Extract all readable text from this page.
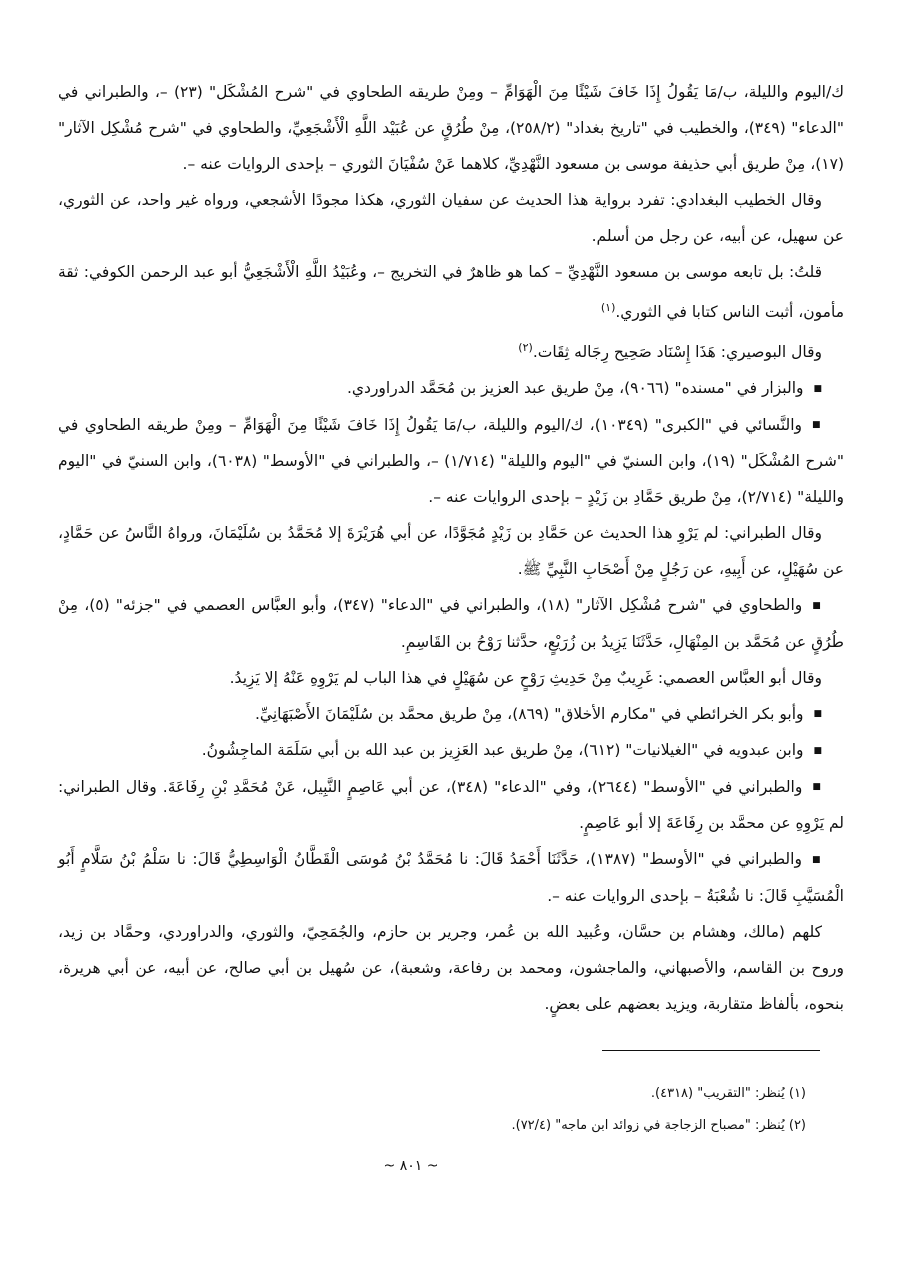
ك/اليوم والليلة، ب/مَا يَقُولُ إِذَا خَافَ شَيْئًا مِنَ الْهَوَامِّ – ومِنْ طريقه الطحاوي في "شرح المُشْكَل" (٢٣) –، والطبراني في "الدعاء" (٣٤٩)، والخطيب في "تاريخ بغداد" (٢٥٨/٢)، مِنْ طُرُقٍ عن عُبَيْد اللَّهِ الْأَشْجَعِيِّ، والطحاوي في "شرح مُشْكِل الآثار" (١٧)، مِنْ طريق أبي حذيفة موسى بن مسعود النَّهْدِيِّ، كلاهما عَنْ سُفْيَانَ الثوري – بإحدى الروايات عنه –.

وقال الخطيب البغدادي: تفرد برواية هذا الحديث عن سفيان الثوري، هكذا مجودًا الأشجعي، ورواه غير واحد، عن الثوري، عن سهيل، عن أبيه، عن رجل من أسلم.

قلتُ: بل تابعه موسى بن مسعود النَّهْدِيِّ – كما هو ظاهرٌ في التخريج –، وعُبَيْدُ اللَّهِ الْأَشْجَعِيُّ أبو عبد الرحمن الكوفي: ثقة مأمون، أثبت الناس كتابا في الثوري.$^{(١)}$

وقال البوصيري: هَذَا إِسْنَاد صَحِيح رِجَاله ثِقَات.$^{(٢)}$

■ والبزار في "مسنده" (٩٠٦٦)، مِنْ طريق عبد العزيز بن مُحَمَّد الدراوردي.

■ والنَّسائي في "الكبرى" (١٠٣٤٩)، ك/اليوم والليلة، ب/مَا يَقُولُ إِذَا خَافَ شَيْئًا مِنَ الْهَوَامِّ – ومِنْ طريقه الطحاوي في "شرح المُشْكَل" (١٩)، وابن السنيّ في "اليوم والليلة" (١/٧١٤) –، والطبراني في "الأوسط" (٦٠٣٨)، وابن السنيّ في "اليوم والليلة" (٢/٧١٤)، مِنْ طريق حَمَّادِ بن زَيْدٍ – بإحدى الروايات عنه –.

وقال الطبراني: لم يَرْوِ هذا الحديث عن حَمَّادِ بن زَيْدٍ مُجَوَّدًا، عن أبي هُرَيْرَةَ إلا مُحَمَّدُ بن سُلَيْمَانَ، ورواهُ النَّاسُ عن حَمَّادٍ، عن سُهَيْلٍ، عن أَبِيهِ، عن رَجُلٍ مِنْ أَصْحَابِ النَّبِيِّ ﷺ.

■ والطحاوي في "شرح مُشْكِل الآثار" (١٨)، والطبراني في "الدعاء" (٣٤٧)، وأبو العبَّاس العصمي في "جزئه" (٥)، مِنْ طُرُقٍ عن مُحَمَّد بن المِنْهَالِ، حَدَّثَنَا يَزِيدُ بن زُرَيْعٍ، حدَّثنا رَوْحُ بن القَاسِمِ.

وقال أبو العبَّاس العصمي: غَرِيبٌ مِنْ حَدِيثِ رَوْحٍ عن سُهَيْلٍ في هذا الباب لم يَرْوِهِ عَنْهُ إلا يَزِيدُ.

■ وأبو بكر الخرائطي في "مكارم الأخلاق" (٨٦٩)، مِنْ طريق محمَّد بن سُلَيْمَانَ الأَصْبَهَانِيِّ.

■ وابن عبدويه في "الغيلانيات" (٦١٢)، مِنْ طريق عبد العَزِيز بن عبد الله بن أبي سَلَمَة الماجِشُونُ.

■ والطبراني في "الأوسط" (٢٦٤٤)، وفي "الدعاء" (٣٤٨)، عن أبي عَاصِمٍ النَّبِيل، عَنْ مُحَمَّدِ بْنِ رِفَاعَةَ. وقال الطبراني: لم يَرْوِهِ عن محمَّد بن رِفَاعَةَ إلا أبو عَاصِمٍ.

■ والطبراني في "الأوسط" (١٣٨٧)، حَدَّثَنَا أَحْمَدُ قَالَ: نا مُحَمَّدُ بْنُ مُوسَى الْقَطَّانُ الْوَاسِطِيُّ قَالَ: نا سَلْمُ بْنُ سَلَّامٍ أَبُو الْمُسَيَّبِ قَالَ: نا شُعْبَةُ – بإحدى الروايات عنه –.

كلهم (مالك، وهشام بن حسَّان، وعُبيد الله بن عُمر، وجرير بن حازم، والجُمَحِيّ، والثوري، والدراوردي، وحمَّاد بن زيد، وروح بن القاسم، والأصبهاني، والماجشون، ومحمد بن رفاعة، وشعبة)، عن سُهيل بن أبي صالح، عن أبيه، عن أبي هريرة، بنحوه، بألفاظ متقاربة، ويزيد بعضهم على بعضٍ.

(١) يُنظر: "التقريب" (٤٣١٨).

(٢) يُنظر: "مصباح الزجاجة في زوائد ابن ماجه" (٧٢/٤).

~ ٨٠١ ~
